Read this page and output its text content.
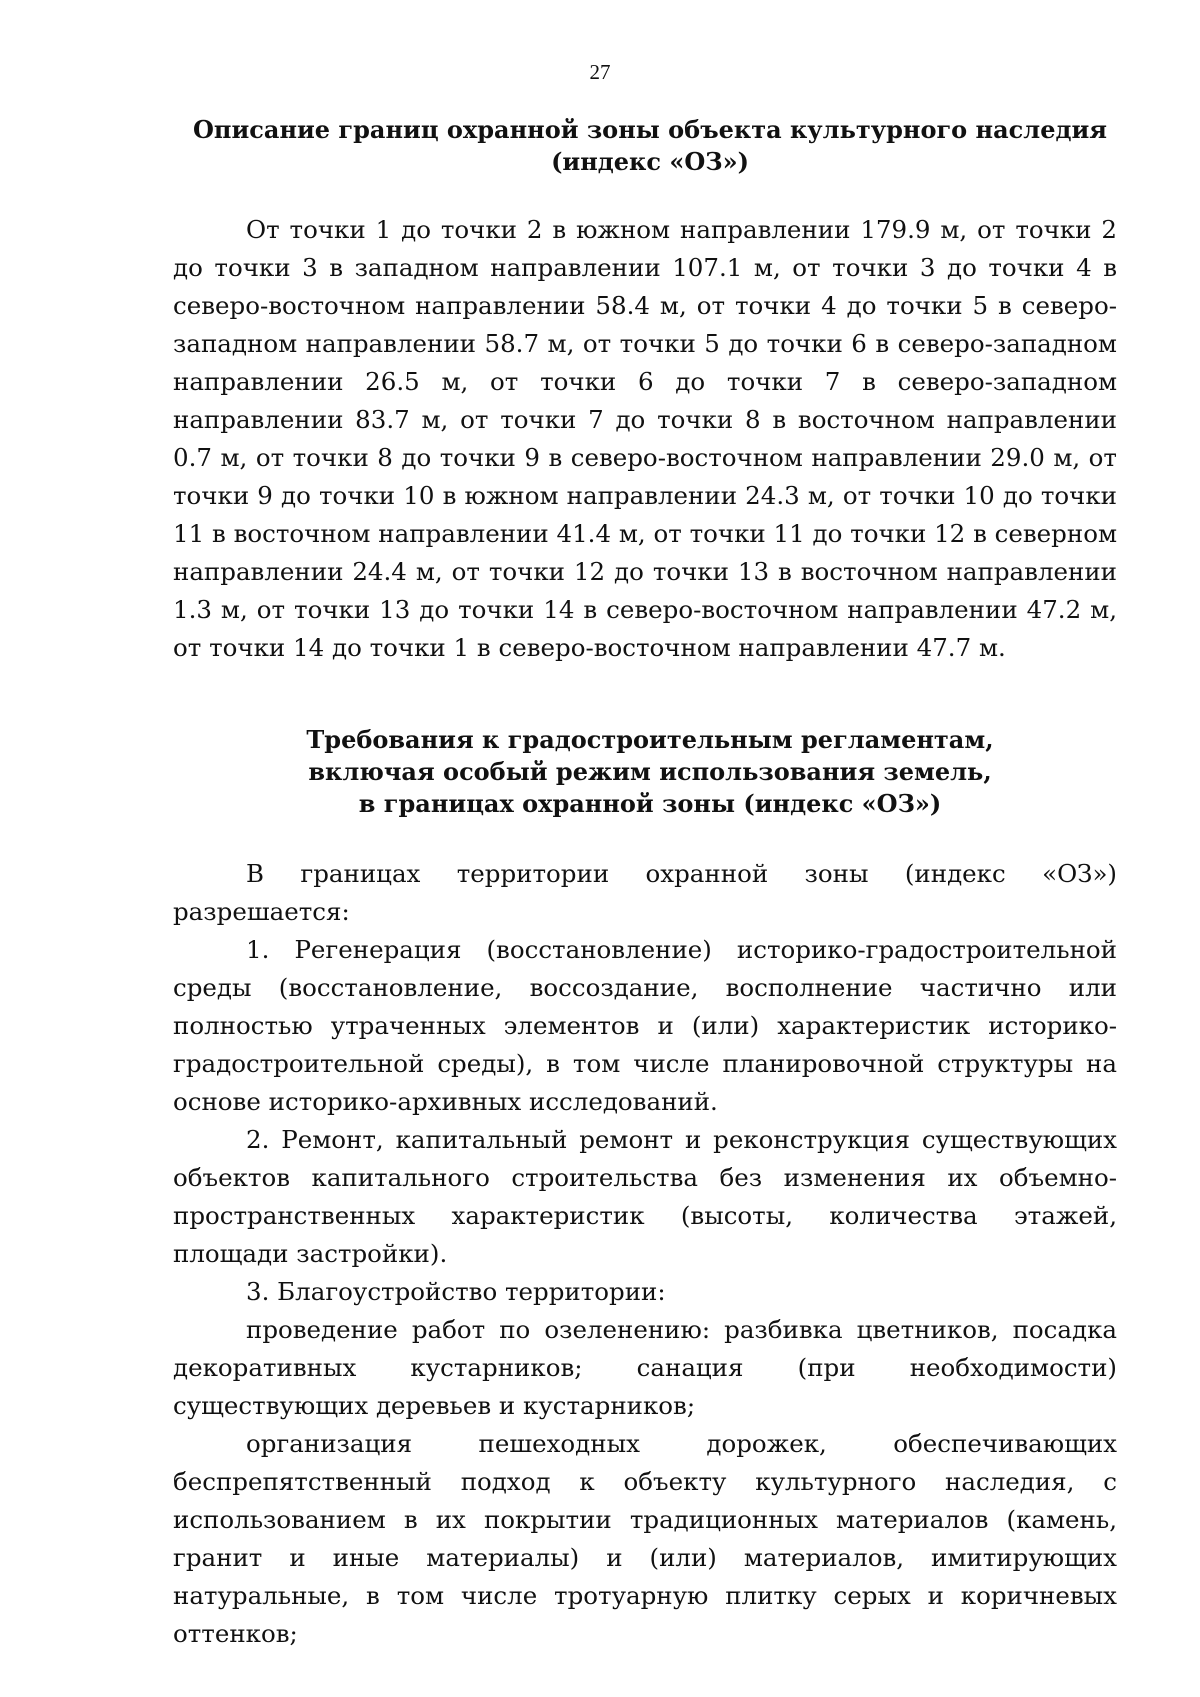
27
Описание границ охранной зоны объекта культурного наследия
(индекс «ОЗ»)

От точки 1 до точки 2 в южном направлении 179.9 м, от точки 2 до точки 3 в западном направлении 107.1 м, от точки 3 до точки 4 в северо-восточном направлении 58.4 м, от точки 4 до точки 5 в северо-западном направлении 58.7 м, от точки 5 до точки 6 в северо-западном направлении 26.5 м, от точки 6 до точки 7 в северо-западном направлении 83.7 м, от точки 7 до точки 8 в восточном направлении 0.7 м, от точки 8 до точки 9 в северо-восточном направлении 29.0 м, от точки 9 до точки 10 в южном направлении 24.3 м, от точки 10 до точки 11 в восточном направлении 41.4 м, от точки 11 до точки 12 в северном направлении 24.4 м, от точки 12 до точки 13 в восточном направлении 1.3 м, от точки 13 до точки 14 в северо-восточном направлении 47.2 м, от точки 14 до точки 1 в северо-восточном направлении 47.7 м.

Требования к градостроительным регламентам,
включая особый режим использования земель,
в границах охранной зоны (индекс «ОЗ»)

В границах территории охранной зоны (индекс «ОЗ») разрешается:

1. Регенерация (восстановление) историко-градостроительной среды (восстановление, воссоздание, восполнение частично или полностью утраченных элементов и (или) характеристик историко-градостроительной среды), в том числе планировочной структуры на основе историко-архивных исследований.

2. Ремонт, капитальный ремонт и реконструкция существующих объектов капитального строительства без изменения их объемно-пространственных характеристик (высоты, количества этажей, площади застройки).

3. Благоустройство территории:

проведение работ по озеленению: разбивка цветников, посадка декоративных кустарников; санация (при необходимости) существующих деревьев и кустарников;

организация пешеходных дорожек, обеспечивающих беспрепятственный подход к объекту культурного наследия, с использованием в их покрытии традиционных материалов (камень, гранит и иные материалы) и (или) материалов, имитирующих натуральные, в том числе тротуарную плитку серых и коричневых оттенков;
